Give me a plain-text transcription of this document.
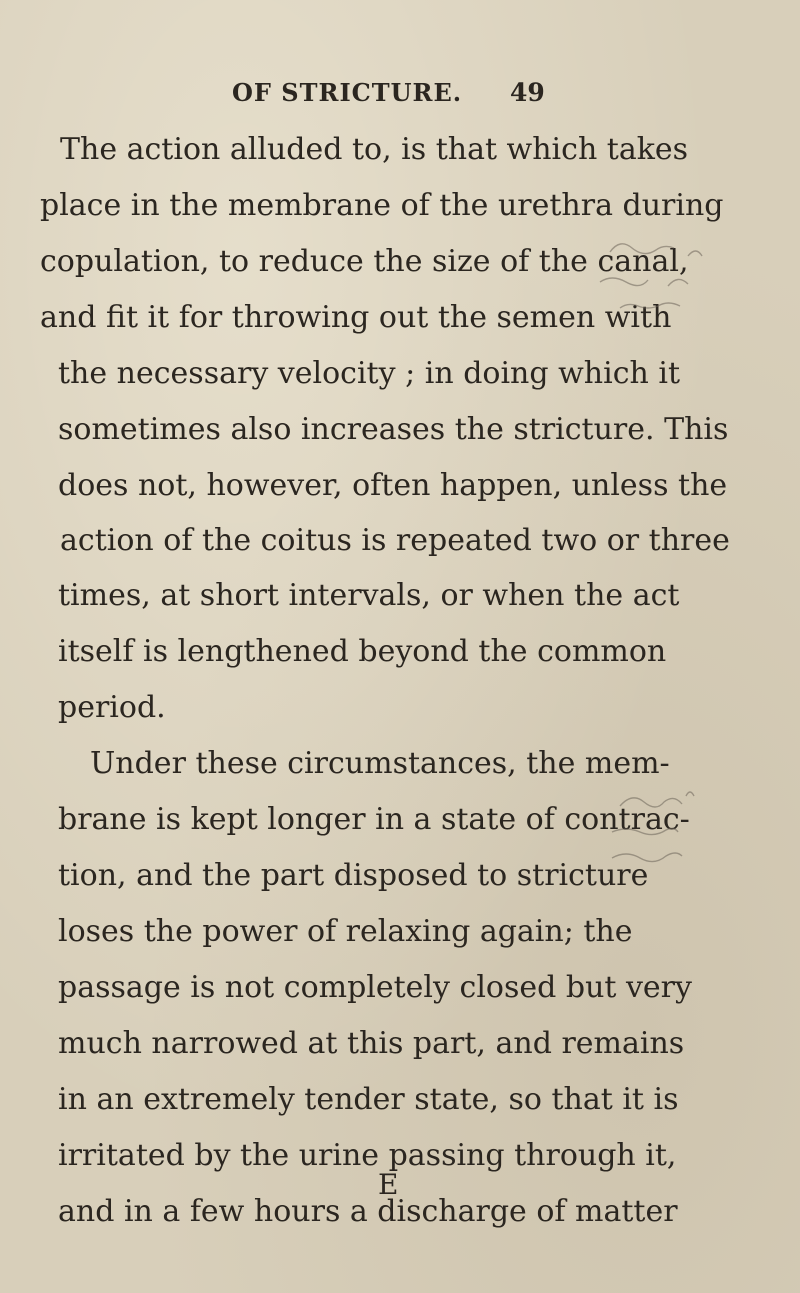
OF STRICTURE. 49
The action alluded to, is that which takes
place in the membrane of the urethra during
copulation, to reduce the size of the canal,
and fit it for throwing out the semen with
the necessary velocity ; in doing which it
sometimes also increases the stricture. This
does not, however, often happen, unless the
action of the coitus is repeated two or three
times, at short intervals, or when the act
itself is lengthened beyond the common
period.
Under these circumstances, the mem-
brane is kept longer in a state of contrac-
tion, and the part disposed to stricture
loses the power of relaxing again; the
passage is not completely closed but very
much narrowed at this part, and remains
in an extremely tender state, so that it is
irritated by the urine passing through it,
and in a few hours a discharge of matter
E
